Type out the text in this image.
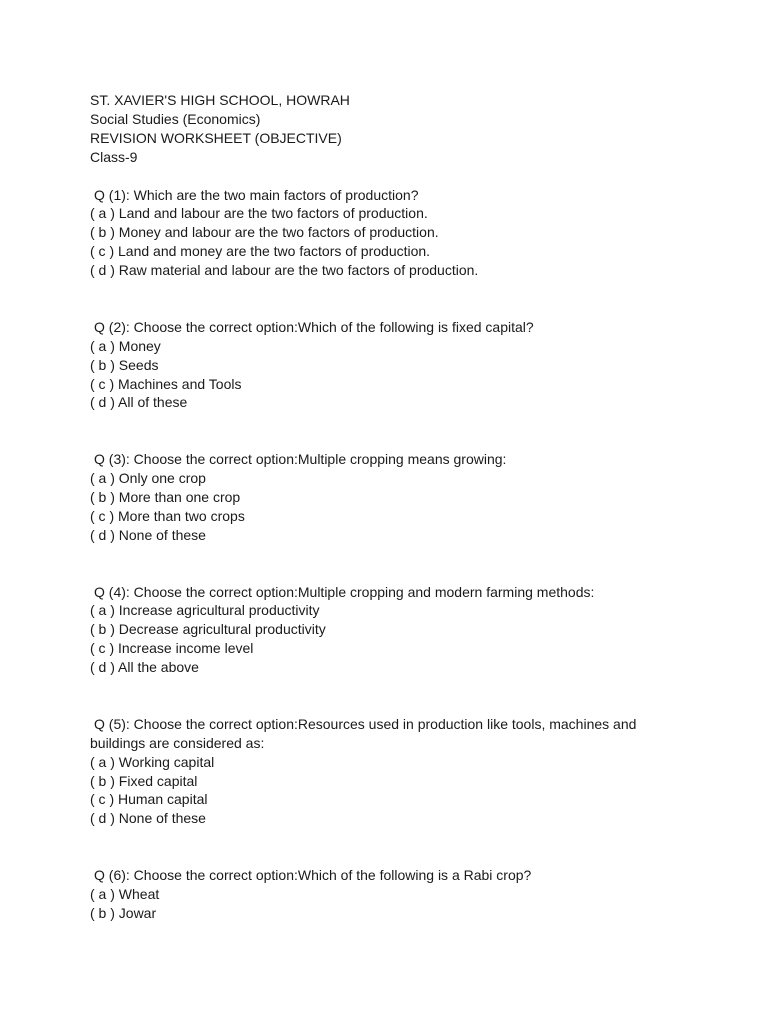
ST. XAVIER'S HIGH SCHOOL, HOWRAH

Social Studies (Economics)

REVISION WORKSHEET (OBJECTIVE)

Class-9

Q (1): Which are the two main factors of production?

( a ) Land and labour are the two factors of production.

( b ) Money and labour are the two factors of production.

( c ) Land and money are the two factors of production.

( d ) Raw material and labour are the two factors of production.

Q (2): Choose the correct option:Which of the following is fixed capital?

( a ) Money

( b ) Seeds

( c ) Machines and Tools

( d ) All of these

Q (3): Choose the correct option:Multiple cropping means growing:

( a ) Only one crop

( b ) More than one crop

( c ) More than two crops

( d ) None of these

Q (4): Choose the correct option:Multiple cropping and modern farming methods:

( a ) Increase agricultural productivity

( b ) Decrease agricultural productivity

( c ) Increase income level

( d ) All the above

Q (5): Choose the correct option:Resources used in production like tools, machines and buildings are considered as:

( a ) Working capital

( b ) Fixed capital

( c ) Human capital

( d ) None of these

Q (6): Choose the correct option:Which of the following is a Rabi crop?

( a ) Wheat

( b ) Jowar
